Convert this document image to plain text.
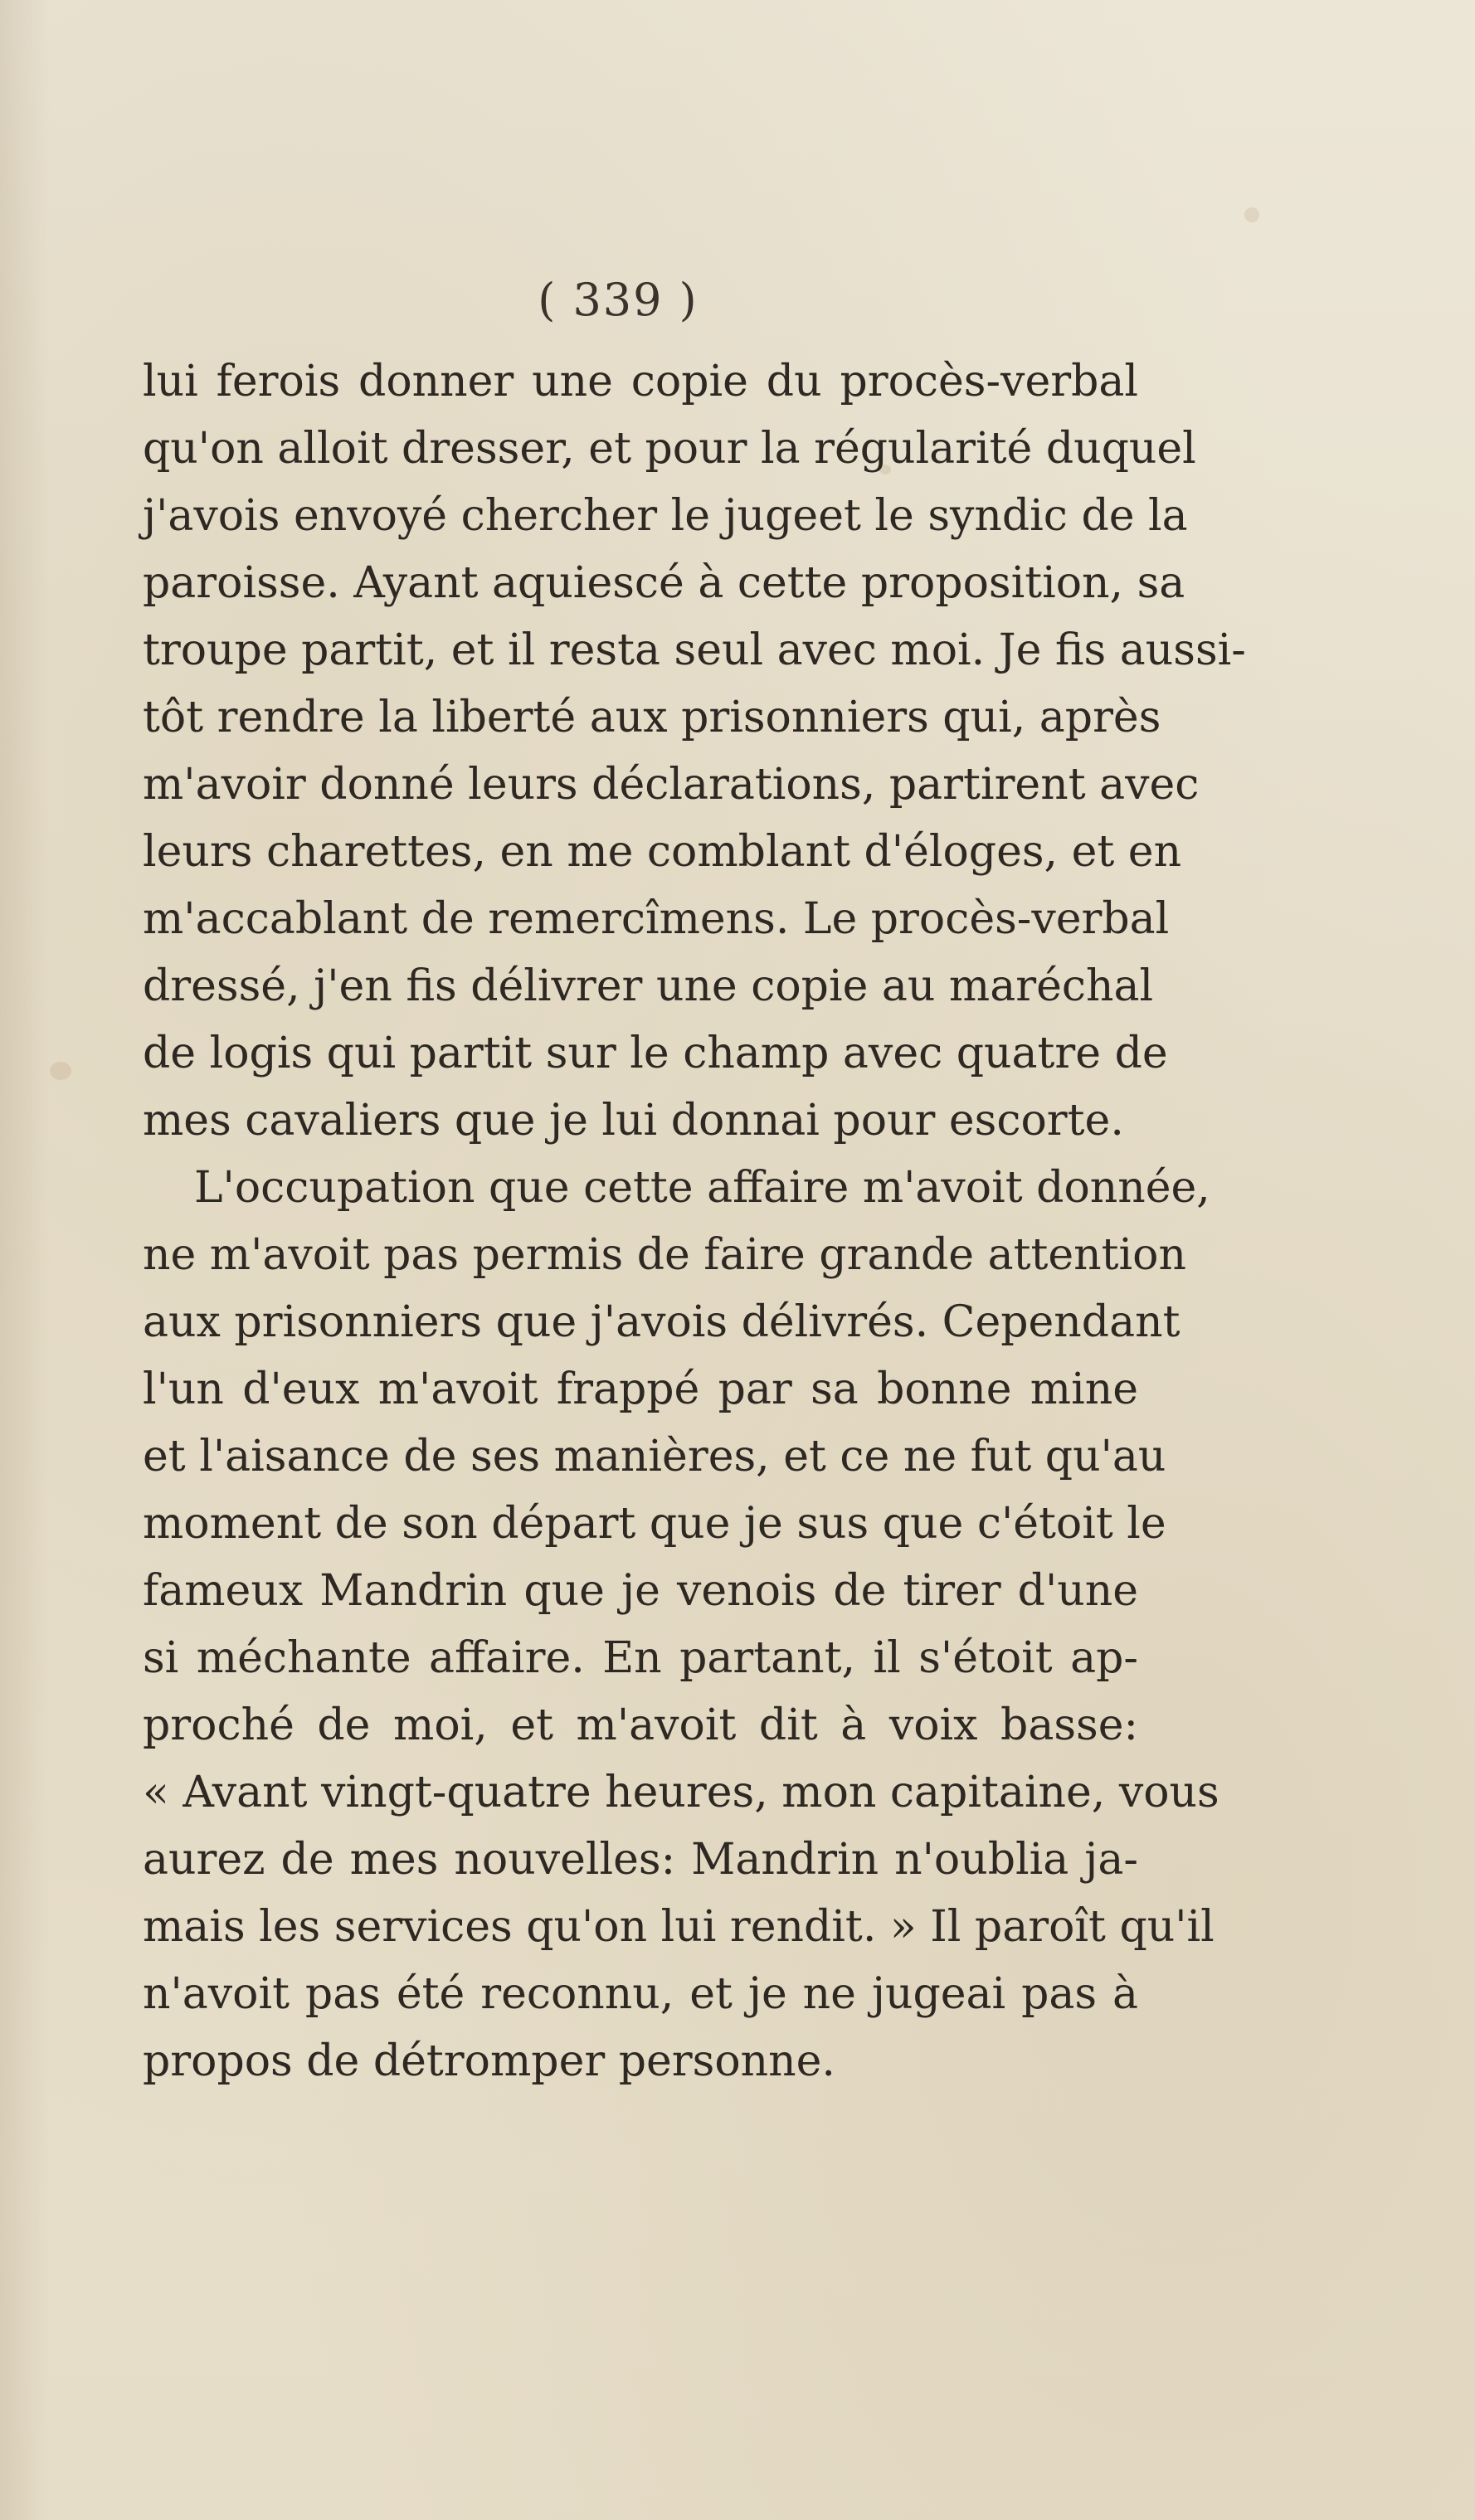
( 339 )
lui ferois donner une copie du procès-verbal
qu'on alloit dresser, et pour la régularité duquel
j'avois envoyé chercher le jugeet le syndic de la
paroisse. Ayant aquiescé à cette proposition, sa
troupe partit, et il resta seul avec moi. Je fis aussi-
tôt rendre la liberté aux prisonniers qui, après
m'avoir donné leurs déclarations, partirent avec
leurs charettes, en me comblant d'éloges, et en
m'accablant de remercîmens. Le procès-verbal
dressé, j'en fis délivrer une copie au maréchal
de logis qui partit sur le champ avec quatre de
mes cavaliers que je lui donnai pour escorte.
L'occupation que cette affaire m'avoit donnée,
ne m'avoit pas permis de faire grande attention
aux prisonniers que j'avois délivrés. Cependant
l'un d'eux m'avoit frappé par sa bonne mine
et l'aisance de ses manières, et ce ne fut qu'au
moment de son départ que je sus que c'étoit le
fameux Mandrin que je venois de tirer d'une
si méchante affaire. En partant, il s'étoit ap-
proché de moi, et m'avoit dit à voix basse:
« Avant vingt-quatre heures, mon capitaine, vous
aurez de mes nouvelles: Mandrin n'oublia ja-
mais les services qu'on lui rendit. » Il paroît qu'il
n'avoit pas été reconnu, et je ne jugeai pas à
propos de détromper personne.
